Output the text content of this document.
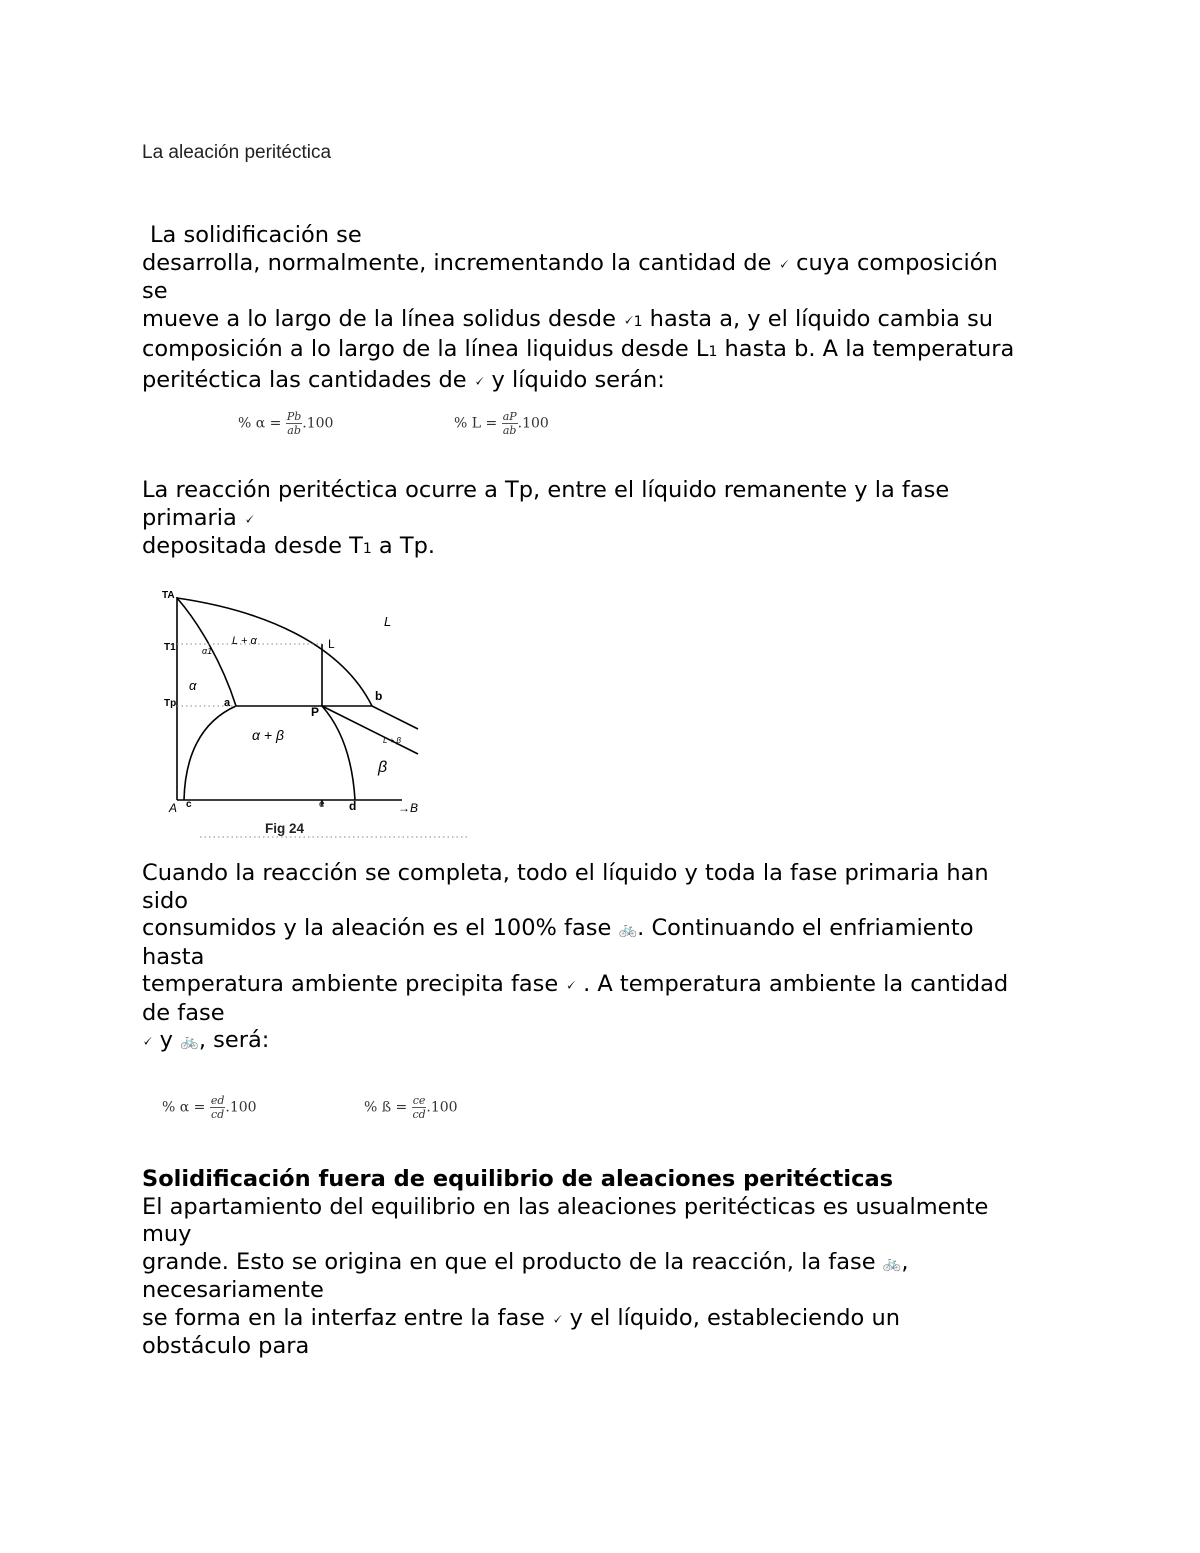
La aleación peritéctica
La solidificación se
desarrolla, normalmente, incrementando la cantidad de 🗸 cuya composición
se
mueve a lo largo de la línea solidus desde 🗸1 hasta a, y el líquido cambia su
composición a lo largo de la línea liquidus desde L1 hasta b. A la temperatura
peritéctica las cantidades de 🗸 y líquido serán:
% $\alpha = \frac{Pb}{ab} .100$	% $L = \frac{aP}{ab} .100$
La reacción peritéctica ocurre a Tp, entre el líquido remanente y la fase
primaria 🗸
depositada desde T1 a Tp.
TA
T1
Tp
L
L
L + α
α1
α
a
P
b
α + β	L + β
β
A c	e d	→B
Fig 24
Cuando la reacción se completa, todo el líquido y toda la fase primaria han
sido
consumidos y la aleación es el 100% fase 🚲. Continuando el enfriamiento
hasta
temperatura ambiente precipita fase 🗸 . A temperatura ambiente la cantidad
de fase
🗸 y 🚲, será:
% $\alpha = \frac{ed}{cd} .100$	% ß = $\frac{ce}{cd} .100$
Solidificación fuera de equilibrio de aleaciones peritécticas
El apartamiento del equilibrio en las aleaciones peritécticas es usualmente
muy
grande. Esto se origina en que el producto de la reacción, la fase 🚲,
necesariamente
se forma en la interfaz entre la fase 🗸 y el líquido, estableciendo un
obstáculo para
